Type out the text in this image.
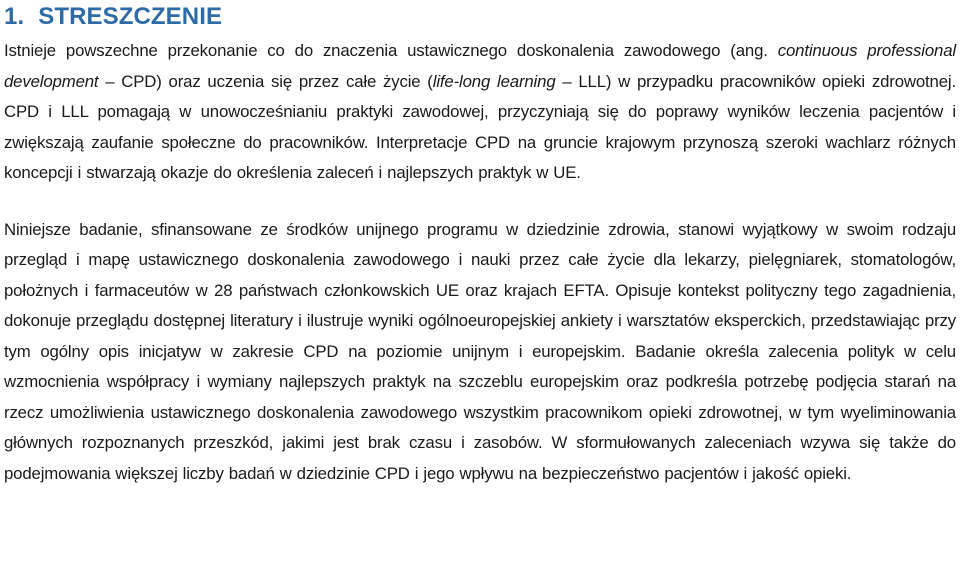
1. STRESZCZENIE

Istnieje powszechne przekonanie co do znaczenia ustawicznego doskonalenia zawodowego (ang. continuous professional development – CPD) oraz uczenia się przez całe życie (life-long learning – LLL) w przypadku pracowników opieki zdrowotnej. CPD i LLL pomagają w unowocześnianiu praktyki zawodowej, przyczyniają się do poprawy wyników leczenia pacjentów i zwiększają zaufanie społeczne do pracowników. Interpretacje CPD na gruncie krajowym przynoszą szeroki wachlarz różnych koncepcji i stwarzają okazje do określenia zaleceń i najlepszych praktyk w UE.

Niniejsze badanie, sfinansowane ze środków unijnego programu w dziedzinie zdrowia, stanowi wyjątkowy w swoim rodzaju przegląd i mapę ustawicznego doskonalenia zawodowego i nauki przez całe życie dla lekarzy, pielęgniarek, stomatologów, położnych i farmaceutów w 28 państwach członkowskich UE oraz krajach EFTA. Opisuje kontekst polityczny tego zagadnienia, dokonuje przeglądu dostępnej literatury i ilustruje wyniki ogólnoeuropejskiej ankiety i warsztatów eksperckich, przedstawiając przy tym ogólny opis inicjatyw w zakresie CPD na poziomie unijnym i europejskim. Badanie określa zalecenia polityk w celu wzmocnienia współpracy i wymiany najlepszych praktyk na szczeblu europejskim oraz podkreśla potrzebę podjęcia starań na rzecz umożliwienia ustawicznego doskonalenia zawodowego wszystkim pracownikom opieki zdrowotnej, w tym wyeliminowania głównych rozpoznanych przeszkód, jakimi jest brak czasu i zasobów. W sformułowanych zaleceniach wzywa się także do podejmowania większej liczby badań w dziedzinie CPD i jego wpływu na bezpieczeństwo pacjentów i jakość opieki.
